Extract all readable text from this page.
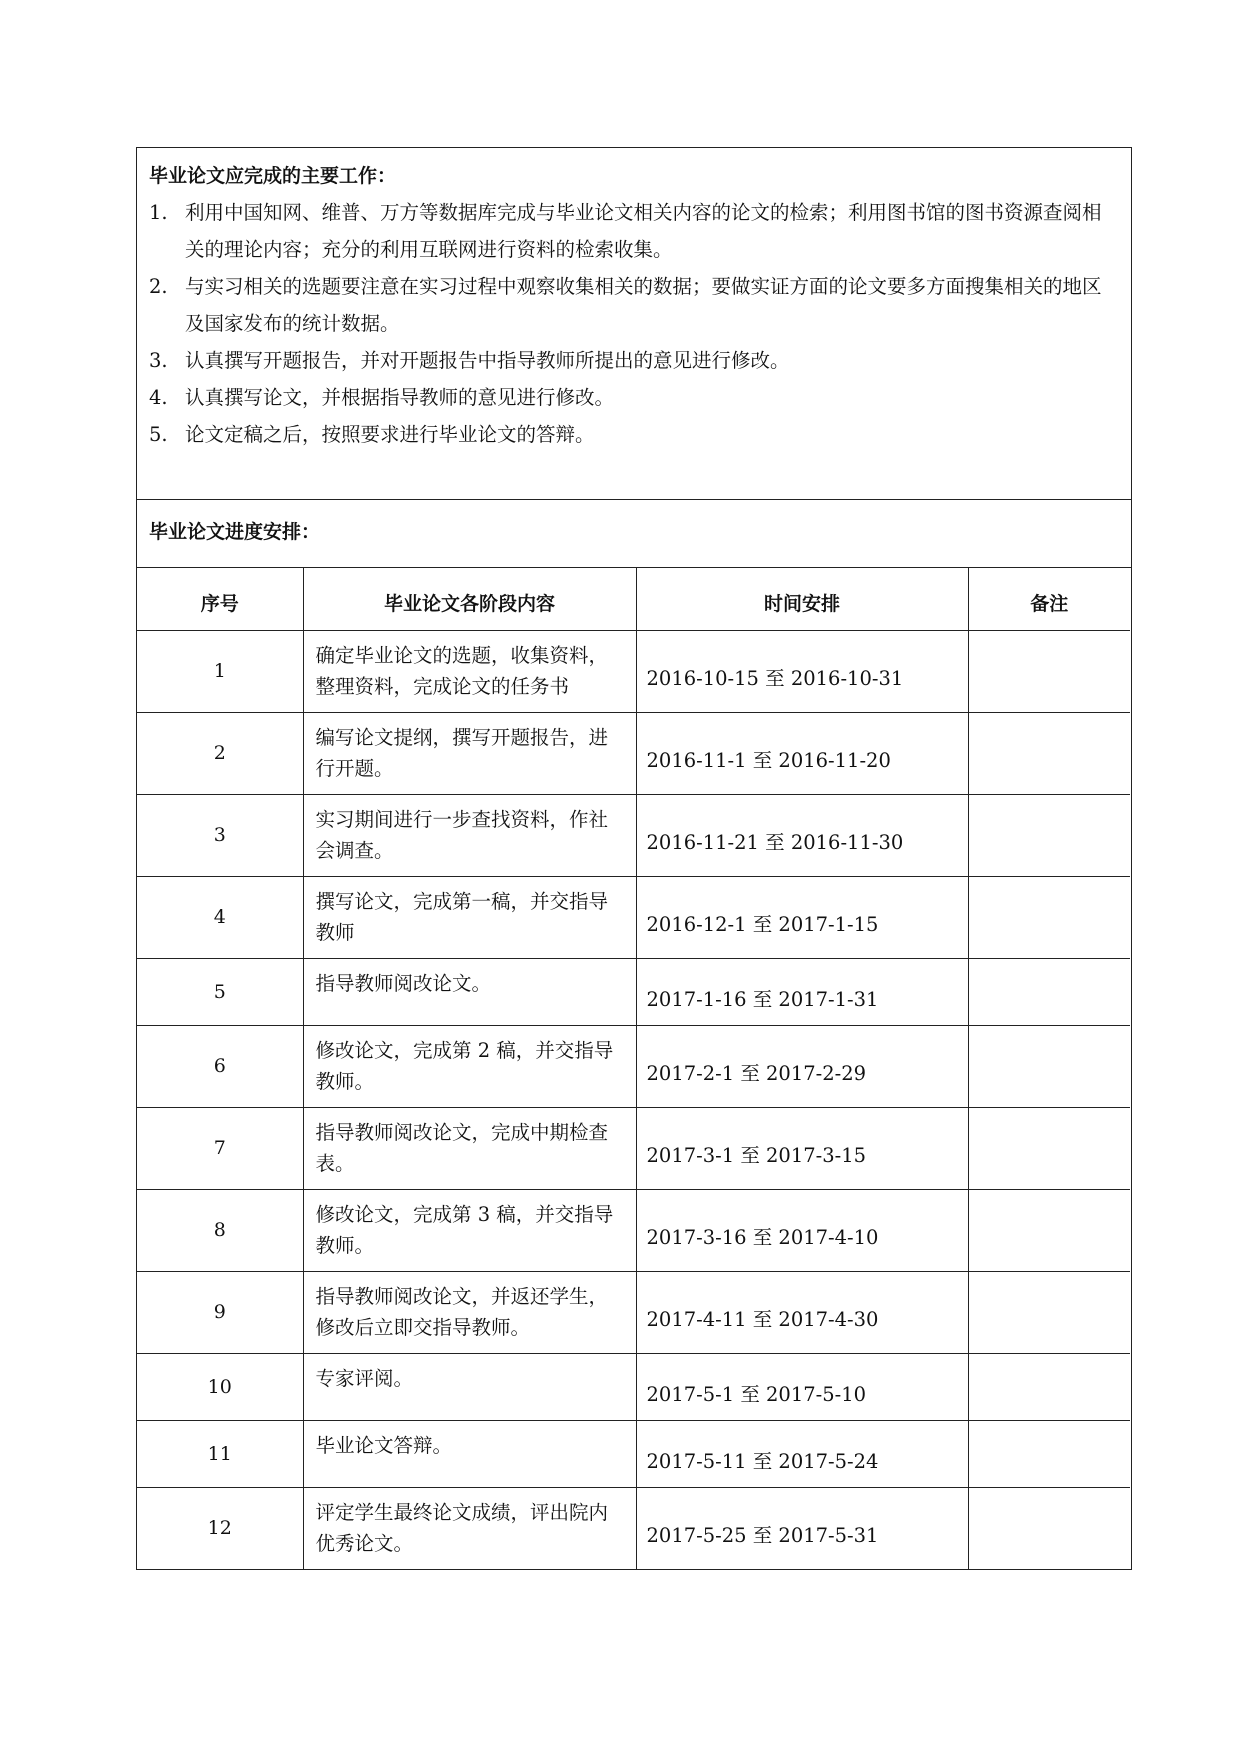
毕业论文应完成的主要工作：

1. 利用中国知网、维普、万方等数据库完成与毕业论文相关内容的论文的检索；利用图书馆的图书资源查阅相关的理论内容；充分的利用互联网进行资料的检索收集。
2. 与实习相关的选题要注意在实习过程中观察收集相关的数据；要做实证方面的论文要多方面搜集相关的地区及国家发布的统计数据。
3. 认真撰写开题报告，并对开题报告中指导教师所提出的意见进行修改。
4. 认真撰写论文，并根据指导教师的意见进行修改。
5. 论文定稿之后，按照要求进行毕业论文的答辩。

毕业论文进度安排：

序号	毕业论文各阶段内容	时间安排	备注
1	确定毕业论文的选题，收集资料，整理资料，完成论文的任务书	2016-10-15 至 2016-10-31	
2	编写论文提纲，撰写开题报告，进行开题。	2016-11-1 至 2016-11-20	
3	实习期间进行一步查找资料，作社会调查。	2016-11-21 至 2016-11-30	
4	撰写论文，完成第一稿，并交指导教师	2016-12-1 至 2017-1-15	
5	指导教师阅改论文。	2017-1-16 至 2017-1-31	
6	修改论文，完成第 2 稿，并交指导教师。	2017-2-1 至 2017-2-29	
7	指导教师阅改论文，完成中期检查表。	2017-3-1 至 2017-3-15	
8	修改论文，完成第 3 稿，并交指导教师。	2017-3-16 至 2017-4-10	
9	指导教师阅改论文，并返还学生，修改后立即交指导教师。	2017-4-11 至 2017-4-30	
10	专家评阅。	2017-5-1 至 2017-5-10	
11	毕业论文答辩。	2017-5-11 至 2017-5-24	
12	评定学生最终论文成绩，评出院内优秀论文。	2017-5-25 至 2017-5-31	
